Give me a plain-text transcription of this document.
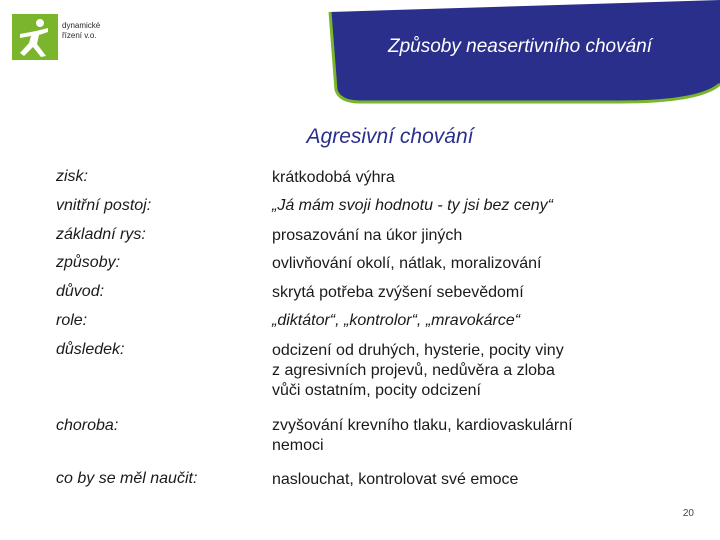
dynamické
řízení v.o.
Způsoby neasertivního chování
Agresivní chování
zisk:	krátkodobá výhra
vnitřní postoj:	„Já mám svoji hodnotu - ty jsi bez ceny“
základní rys:	prosazování na úkor jiných
způsoby:	ovlivňování okolí, nátlak, moralizování
důvod:	skrytá potřeba zvýšení sebevědomí
role:	„diktátor“, „kontrolor“, „mravokárce“
důsledek:	odcizení od druhých, hysterie, pocity viny
z agresivních projevů, nedůvěra a zloba
vůči ostatním, pocity odcizení
choroba:	zvyšování krevního tlaku, kardiovaskulární
nemoci
co by se měl naučit:	naslouchat, kontrolovat své emoce
20
